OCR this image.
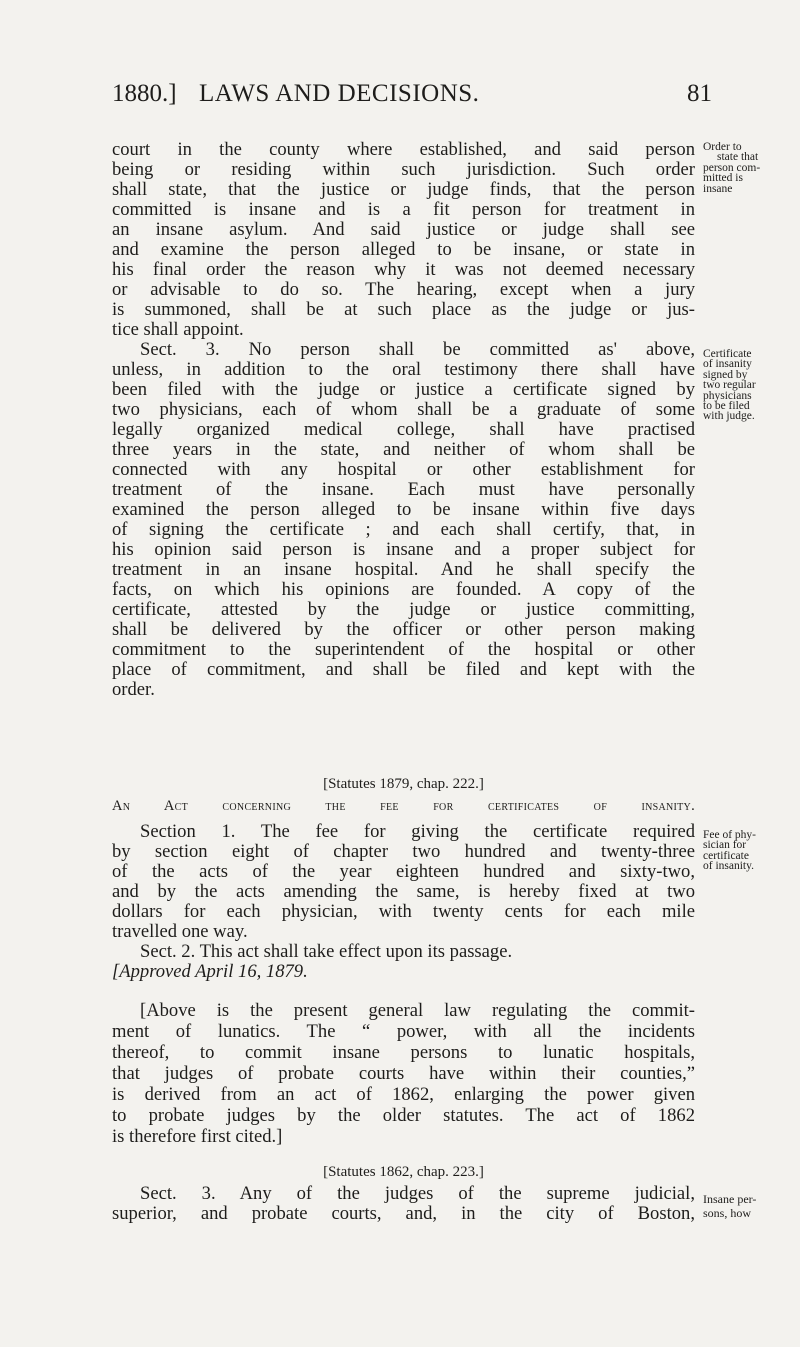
1880.] LAWS AND DECISIONS.	81
court in the county where established, and said person
being or residing within such jurisdiction. Such order
shall state, that the justice or judge finds, that the person
committed is insane and is a fit person for treatment in
an insane asylum. And said justice or judge shall see
and examine the person alleged to be insane, or state in
his final order the reason why it was not deemed necessary
or advisable to do so. The hearing, except when a jury
is summoned, shall be at such place as the judge or jus-
tice shall appoint.
Sect. 3. No person shall be committed as' above,
unless, in addition to the oral testimony there shall have
been filed with the judge or justice a certificate signed by
two physicians, each of whom shall be a graduate of some
legally organized medical college, shall have practised
three years in the state, and neither of whom shall be
connected with any hospital or other establishment for
treatment of the insane. Each must have personally
examined the person alleged to be insane within five days
of signing the certificate ; and each shall certify, that, in
his opinion said person is insane and a proper subject for
treatment in an insane hospital. And he shall specify the
facts, on which his opinions are founded. A copy of the
certificate, attested by the judge or justice committing,
shall be delivered by the officer or other person making
commitment to the superintendent of the hospital or other
place of commitment, and shall be filed and kept with the
order.
[Statutes 1879, chap. 222.]
An Act concerning the fee for certificates of insanity.
Section 1. The fee for giving the certificate required
by section eight of chapter two hundred and twenty-three
of the acts of the year eighteen hundred and sixty-two,
and by the acts amending the same, is hereby fixed at two
dollars for each physician, with twenty cents for each mile
travelled one way.
Sect. 2. This act shall take effect upon its passage.
[Approved April 16, 1879.
[Above is the present general law regulating the commit-
ment of lunatics. The “ power, with all the incidents
thereof, to commit insane persons to lunatic hospitals,
that judges of probate courts have within their counties,”
is derived from an act of 1862, enlarging the power given
to probate judges by the older statutes. The act of 1862
is therefore first cited.]
[Statutes 1862, chap. 223.]
Sect. 3. Any of the judges of the supreme judicial,
superior, and probate courts, and, in the city of Boston,
Order to
state that
person com-
mitted is
insane
Certificate
of insanity
signed by
two regular
physicians
to be filed
with judge.
Fee of phy-
sician for
certificate
of insanity.
Insane per-
sons, how
